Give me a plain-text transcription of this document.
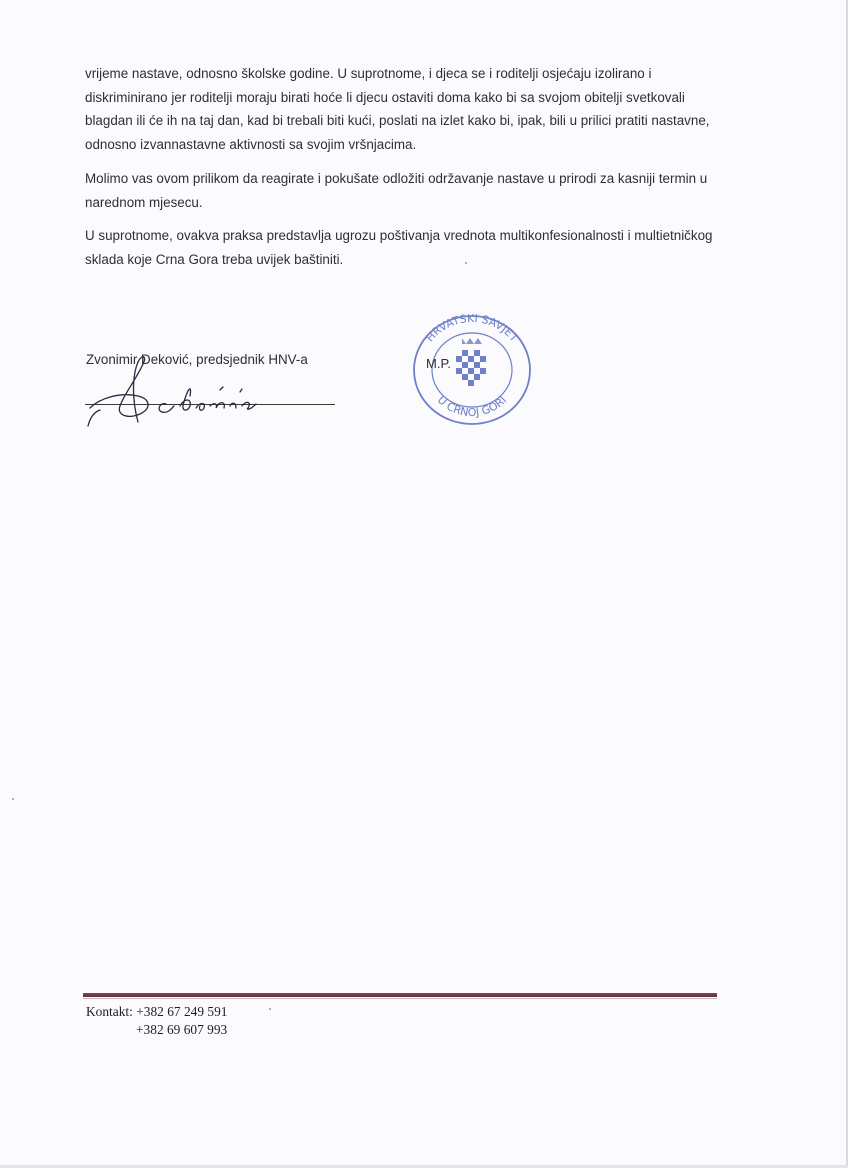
vrijeme nastave, odnosno školske godine. U suprotnome, i djeca se i roditelji osjećaju izolirano i diskriminirano jer roditelji moraju birati hoće li djecu ostaviti doma kako bi sa svojom obitelji svetkovali blagdan ili će ih na taj dan, kad bi trebali biti kući, poslati na izlet kako bi, ipak, bili u prilici pratiti nastavne, odnosno izvannastavne aktivnosti sa svojim vršnjacima.

Molimo vas ovom prilikom da reagirate i pokušate odložiti održavanje nastave u prirodi za kasniji termin u narednom mjesecu.

U suprotnome, ovakva praksa predstavlja ugrozu poštivanja vrednota multikonfesionalnosti i multietničkog sklada koje Crna Gora treba uvijek baštiniti.

Zvonimir Deković, predsjednik HNV-a
HRVATSKI SAVJET
U CRNOJ GORI
M.P.
Kontakt: +382 67 249 591
+382 69 607 993
